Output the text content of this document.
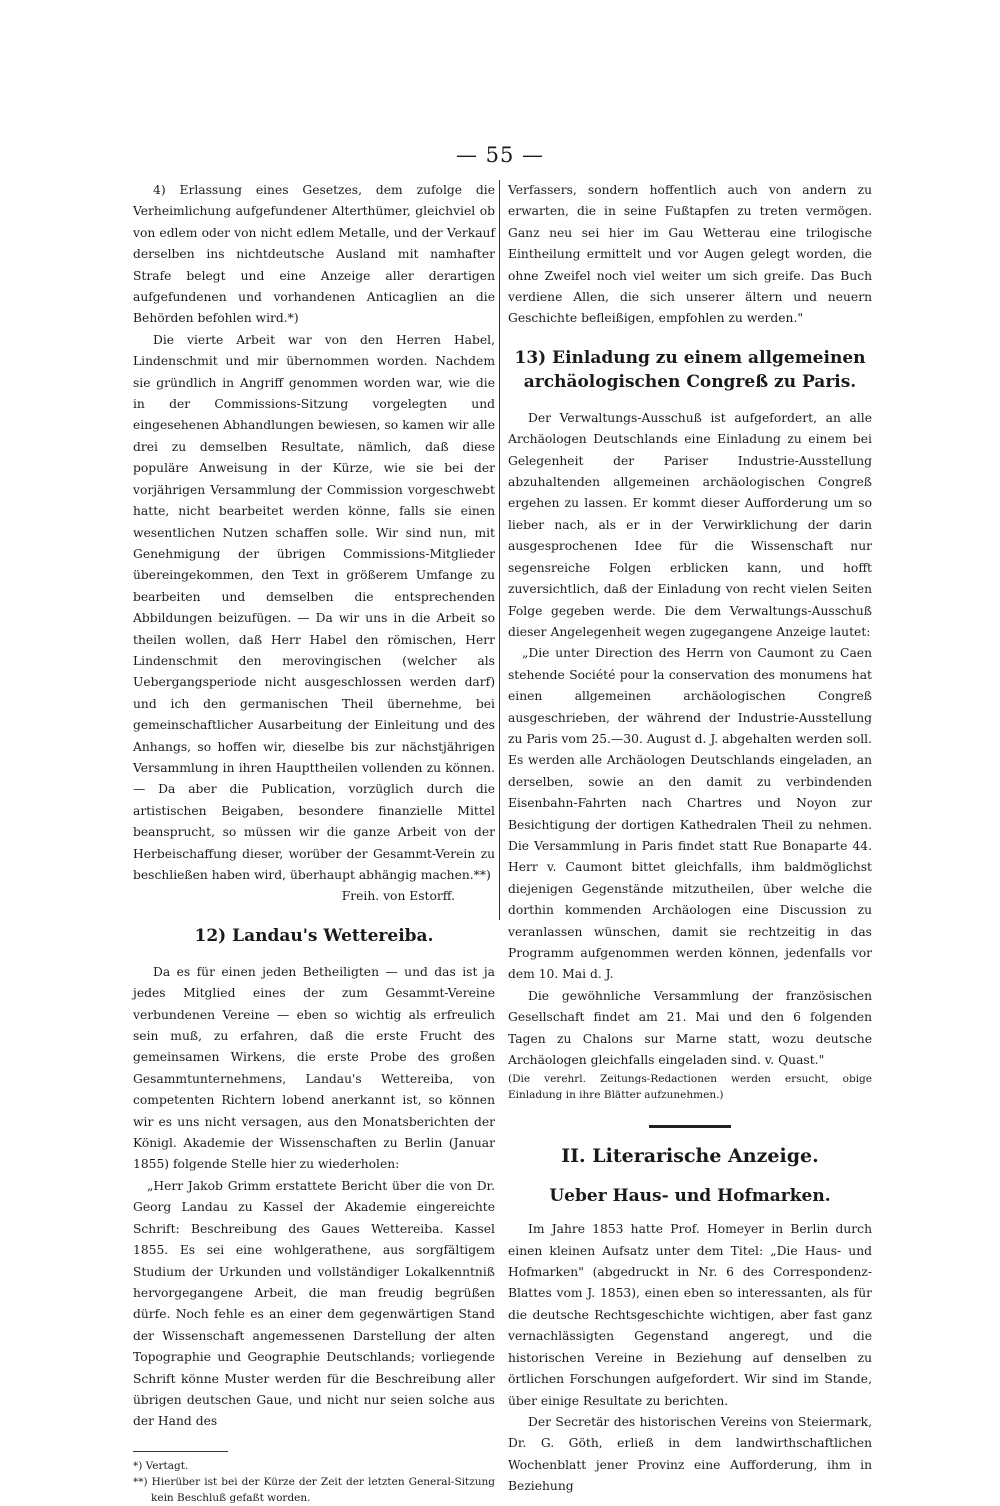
— 55 —

4) Erlassung eines Gesetzes, dem zufolge die Verheimlichung aufgefundener Alterthümer, gleichviel ob von edlem oder von nicht edlem Metalle, und der Verkauf derselben ins nichtdeutsche Ausland mit namhafter Strafe belegt und eine Anzeige aller derartigen aufgefundenen und vorhandenen Anticaglien an die Behörden befohlen wird.*)

Die vierte Arbeit war von den Herren Habel, Lindenschmit und mir übernommen worden. Nachdem sie gründlich in Angriff genommen worden war, wie die in der Commissions-Sitzung vorgelegten und eingesehenen Abhandlungen bewiesen, so kamen wir alle drei zu demselben Resultate, nämlich, daß diese populäre Anweisung in der Kürze, wie sie bei der vorjährigen Versammlung der Commission vorgeschwebt hatte, nicht bearbeitet werden könne, falls sie einen wesentlichen Nutzen schaffen solle. Wir sind nun, mit Genehmigung der übrigen Commissions-Mitglieder übereingekommen, den Text in größerem Umfange zu bearbeiten und demselben die entsprechenden Abbildungen beizufügen. — Da wir uns in die Arbeit so theilen wollen, daß Herr Habel den römischen, Herr Lindenschmit den merovingischen (welcher als Uebergangsperiode nicht ausgeschlossen werden darf) und ich den germanischen Theil übernehme, bei gemeinschaftlicher Ausarbeitung der Einleitung und des Anhangs, so hoffen wir, dieselbe bis zur nächstjährigen Versammlung in ihren Haupttheilen vollenden zu können. — Da aber die Publication, vorzüglich durch die artistischen Beigaben, besondere finanzielle Mittel beansprucht, so müssen wir die ganze Arbeit von der Herbeischaffung dieser, worüber der Gesammt-Verein zu beschließen haben wird, überhaupt abhängig machen.**)

Freih. von Estorff.

12) Landau's Wettereiba.

Da es für einen jeden Betheiligten — und das ist ja jedes Mitglied eines der zum Gesammt-Vereine verbundenen Vereine — eben so wichtig als erfreulich sein muß, zu erfahren, daß die erste Frucht des gemeinsamen Wirkens, die erste Probe des großen Gesammtunternehmens, Landau's Wettereiba, von competenten Richtern lobend anerkannt ist, so können wir es uns nicht versagen, aus den Monatsberichten der Königl. Akademie der Wissenschaften zu Berlin (Januar 1855) folgende Stelle hier zu wiederholen:

„Herr Jakob Grimm erstattete Bericht über die von Dr. Georg Landau zu Kassel der Akademie eingereichte Schrift: Beschreibung des Gaues Wettereiba. Kassel 1855. Es sei eine wohlgerathene, aus sorgfältigem Studium der Urkunden und vollständiger Lokalkenntniß hervorgegangene Arbeit, die man freudig begrüßen dürfe. Noch fehle es an einer dem gegenwärtigen Stand der Wissenschaft angemessenen Darstellung der alten Topographie und Geographie Deutschlands; vorliegende Schrift könne Muster werden für die Beschreibung aller übrigen deutschen Gaue, und nicht nur seien solche aus der Hand des

*) Vertagt.

**) Hierüber ist bei der Kürze der Zeit der letzten General-Sitzung kein Beschluß gefaßt worden.

Verfassers, sondern hoffentlich auch von andern zu erwarten, die in seine Fußtapfen zu treten vermögen. Ganz neu sei hier im Gau Wetterau eine trilogische Eintheilung ermittelt und vor Augen gelegt worden, die ohne Zweifel noch viel weiter um sich greife. Das Buch verdiene Allen, die sich unserer ältern und neuern Geschichte befleißigen, empfohlen zu werden."

13) Einladung zu einem allgemeinen archäologischen Congreß zu Paris.

Der Verwaltungs-Ausschuß ist aufgefordert, an alle Archäologen Deutschlands eine Einladung zu einem bei Gelegenheit der Pariser Industrie-Ausstellung abzuhaltenden allgemeinen archäologischen Congreß ergehen zu lassen. Er kommt dieser Aufforderung um so lieber nach, als er in der Verwirklichung der darin ausgesprochenen Idee für die Wissenschaft nur segensreiche Folgen erblicken kann, und hofft zuversichtlich, daß der Einladung von recht vielen Seiten Folge gegeben werde. Die dem Verwaltungs-Ausschuß dieser Angelegenheit wegen zugegangene Anzeige lautet:

„Die unter Direction des Herrn von Caumont zu Caen stehende Société pour la conservation des monumens hat einen allgemeinen archäologischen Congreß ausgeschrieben, der während der Industrie-Ausstellung zu Paris vom 25.—30. August d. J. abgehalten werden soll. Es werden alle Archäologen Deutschlands eingeladen, an derselben, sowie an den damit zu verbindenden Eisenbahn-Fahrten nach Chartres und Noyon zur Besichtigung der dortigen Kathedralen Theil zu nehmen. Die Versammlung in Paris findet statt Rue Bonaparte 44. Herr v. Caumont bittet gleichfalls, ihm baldmöglichst diejenigen Gegenstände mitzutheilen, über welche die dorthin kommenden Archäologen eine Discussion zu veranlassen wünschen, damit sie rechtzeitig in das Programm aufgenommen werden können, jedenfalls vor dem 10. Mai d. J.

Die gewöhnliche Versammlung der französischen Gesellschaft findet am 21. Mai und den 6 folgenden Tagen zu Chalons sur Marne statt, wozu deutsche Archäologen gleichfalls eingeladen sind. v. Quast."

(Die verehrl. Zeitungs-Redactionen werden ersucht, obige Einladung in ihre Blätter aufzunehmen.)

II. Literarische Anzeige.
Ueber Haus- und Hofmarken.

Im Jahre 1853 hatte Prof. Homeyer in Berlin durch einen kleinen Aufsatz unter dem Titel: „Die Haus- und Hofmarken" (abgedruckt in Nr. 6 des Correspondenz-Blattes vom J. 1853), einen eben so interessanten, als für die deutsche Rechtsgeschichte wichtigen, aber fast ganz vernachlässigten Gegenstand angeregt, und die historischen Vereine in Beziehung auf denselben zu örtlichen Forschungen aufgefordert. Wir sind im Stande, über einige Resultate zu berichten.

Der Secretär des historischen Vereins von Steiermark, Dr. G. Göth, erließ in dem landwirthschaftlichen Wochenblatt jener Provinz eine Aufforderung, ihm in Beziehung
